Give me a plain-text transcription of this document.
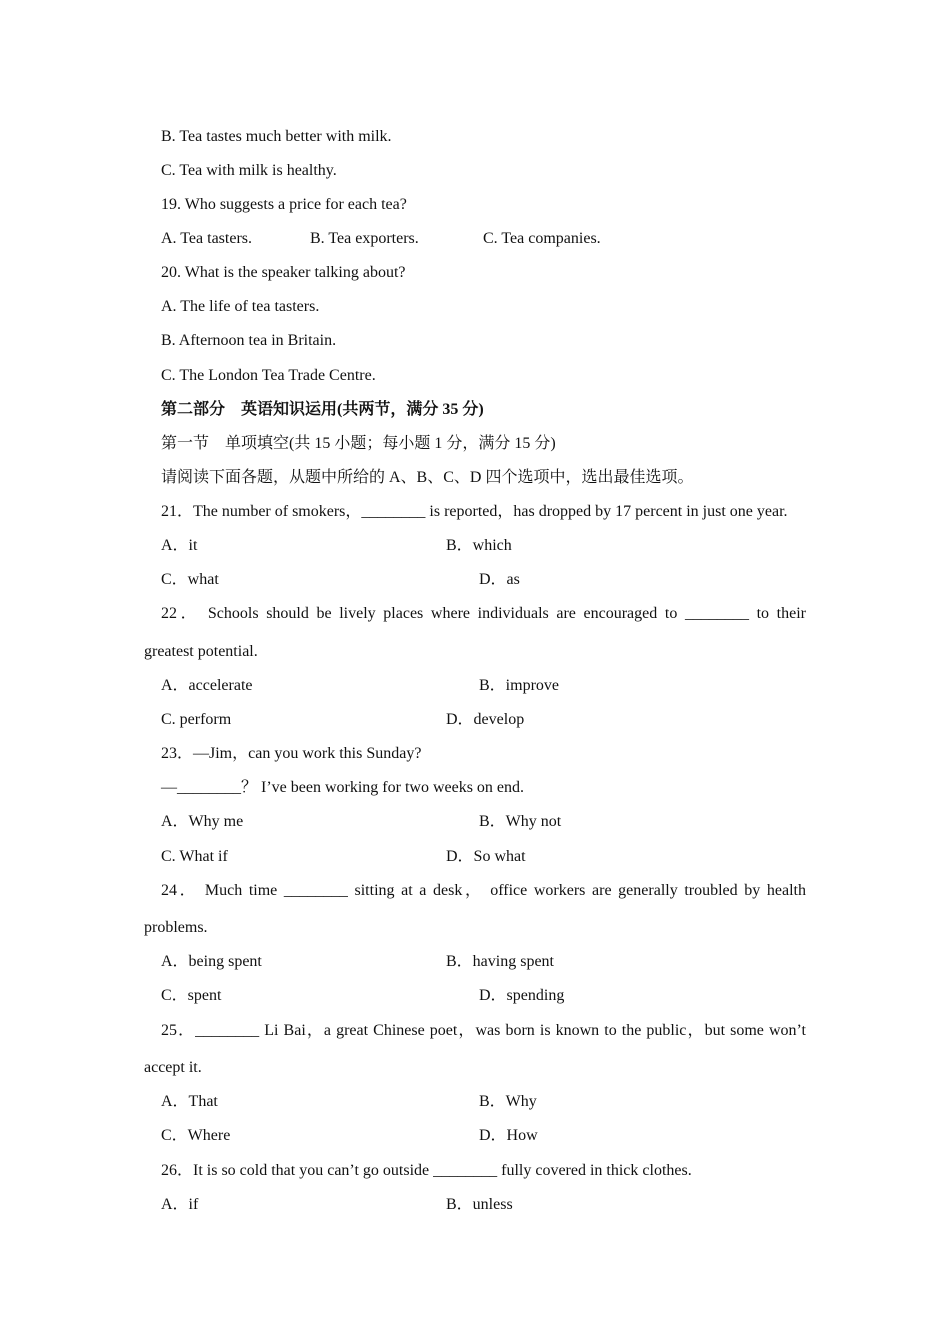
B. Tea tastes much better with milk.
C. Tea with milk is healthy.
19. Who suggests a price for each tea?
A. Tea tasters.	B. Tea exporters.	C. Tea companies.
20. What is the speaker talking about?
A. The life of tea tasters.
B. Afternoon tea in Britain.
C. The London Tea Trade Centre.
第二部分　英语知识运用(共两节，满分 35 分)
第一节　单项填空(共 15 小题；每小题 1 分，满分 15 分)
请阅读下面各题，从题中所给的 A、B、C、D 四个选项中，选出最佳选项。
21．The number of smokers，________ is reported，has dropped by 17 percent in just one year.
A．it	B．which
C．what	D．as
22． Schools should be lively places where individuals are encouraged to ________ to their
greatest potential.
A．accelerate	B．improve
C. perform	D．develop
23．—Jim，can you work this Sunday?
—________？ I’ve been working for two weeks on end.
A．Why me	B．Why not
C. What if	D．So what
24． Much time ________ sitting at a desk， office workers are generally troubled by health
problems.
A．being spent	B．having spent
C．spent	D．spending
25．________ Li Bai，a great Chinese poet，was born is known to the public，but some won’t
accept it.
A．That	B．Why
C．Where	D．How
26．It is so cold that you can’t go outside ________ fully covered in thick clothes.
A．if	B．unless
